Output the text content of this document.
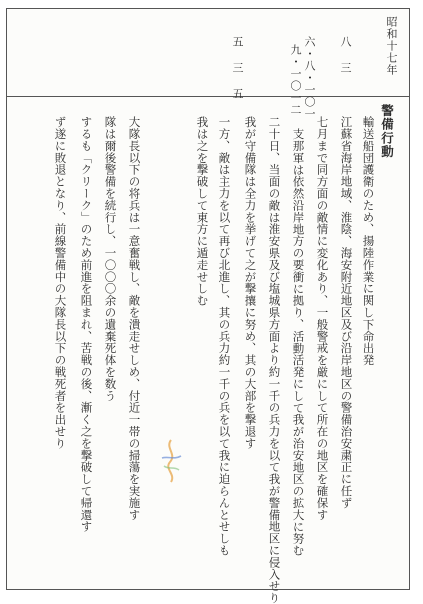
昭和十七年
八 三
六・八・一〇一
九・一〇一二
五 三 五
警備行動
輸送船団護衛のため、揚陸作業に関し下命出発
江蘇省海岸地域、淮陰、海安附近地区及び沿岸地区の警備治安粛正に任ず
七月まで同方面の敵情に変化あり、一般警戒を厳にして所在の地区を確保す
支那軍は依然沿岸地方の要衝に拠り、活動活発にして我が治安地区の拡大に努む
二十日、当面の敵は淮安県及び塩城県方面より約一千の兵力を以て我が警備地区に侵入せり
我が守備隊は全力を挙げて之が撃攘に努め、其の大部を撃退す
一方、敵は主力を以て再び北進し、其の兵力約一千の兵を以て我に迫らんとせしも
我は之を撃破して東方に遁走せしむ
大隊長以下の将兵は一意奮戦し、敵を潰走せしめ、付近一帯の掃蕩を実施す
隊は爾後警備を続行し、一〇〇〇余の遺棄死体を数う
するも「クリーク」のため前進を阻まれ、苦戦の後、漸く之を撃破して帰還す
ず遂に敗退となり、前線警備中の大隊長以下の戦死者を出せり
